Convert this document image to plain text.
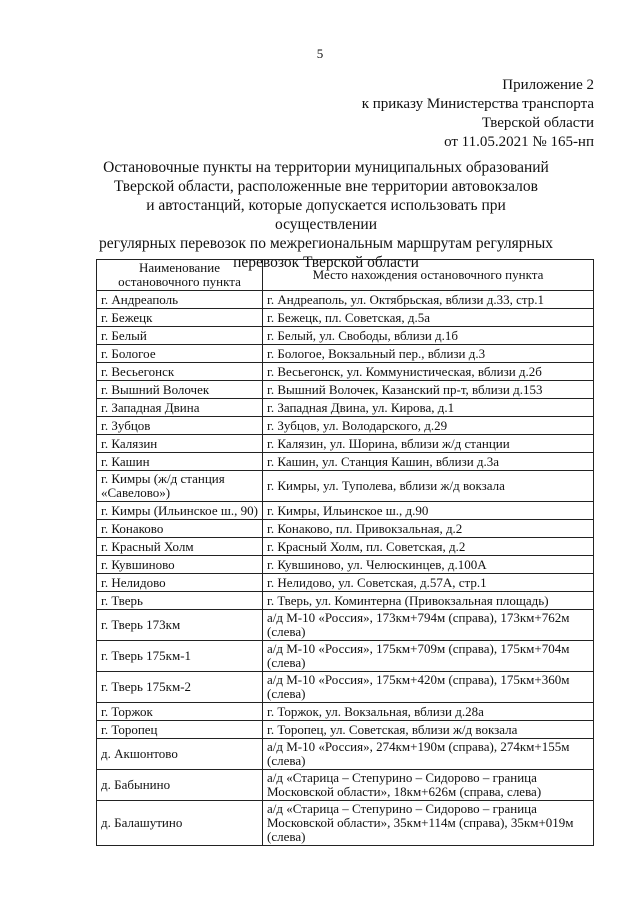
5
Приложение 2
к приказу Министерства транспорта
Тверской области
от 11.05.2021 № 165-нп
Остановочные пункты на территории муниципальных образований
Тверской области, расположенные вне территории автовокзалов
и автостанций, которые допускается использовать при осуществлении
регулярных перевозок по межрегиональным маршрутам регулярных
перевозок Тверской области
Наименование
остановочного пункта	Место нахождения остановочного пункта

г. Андреаполь	г. Андреаполь, ул. Октябрьская, вблизи д.33, стр.1

г. Бежецк	г. Бежецк, пл. Советская, д.5а

г. Белый	г. Белый, ул. Свободы, вблизи д.1б

г. Бологое	г. Бологое, Вокзальный пер., вблизи д.3

г. Весьегонск	г. Весьегонск, ул. Коммунистическая, вблизи д.2б

г. Вышний Волочек	г. Вышний Волочек, Казанский пр-т, вблизи д.153

г. Западная Двина	г. Западная Двина, ул. Кирова, д.1

г. Зубцов	г. Зубцов, ул. Володарского, д.29

г. Калязин	г. Калязин, ул. Шорина, вблизи ж/д станции

г. Кашин	г. Кашин, ул. Станция Кашин, вблизи д.3а

г. Кимры (ж/д станция
«Савелово»)	г. Кимры, ул. Туполева, вблизи ж/д вокзала

г. Кимры (Ильинское ш., 90)	г. Кимры, Ильинское ш., д.90

г. Конаково	г. Конаково, пл. Привокзальная, д.2

г. Красный Холм	г. Красный Холм, пл. Советская, д.2

г. Кувшиново	г. Кувшиново, ул. Челюскинцев, д.100А

г. Нелидово	г. Нелидово, ул. Советская, д.57А, стр.1

г. Тверь	г. Тверь, ул. Коминтерна (Привокзальная площадь)

г. Тверь 173км	а/д М-10 «Россия», 173км+794м (справа), 173км+762м
(слева)

г. Тверь 175км-1	а/д М-10 «Россия», 175км+709м (справа), 175км+704м
(слева)

г. Тверь 175км-2	а/д М-10 «Россия», 175км+420м (справа), 175км+360м
(слева)

г. Торжок	г. Торжок, ул. Вокзальная, вблизи д.28а

г. Торопец	г. Торопец, ул. Советская, вблизи ж/д вокзала

д. Акшонтово	а/д М-10 «Россия», 274км+190м (справа), 274км+155м
(слева)

д. Бабынино	а/д «Старица – Степурино – Сидорово – граница
Московской области», 18км+626м (справа, слева)

д. Балашутино	а/д «Старица – Степурино – Сидорово – граница
Московской области», 35км+114м (справа), 35км+019м
(слева)
